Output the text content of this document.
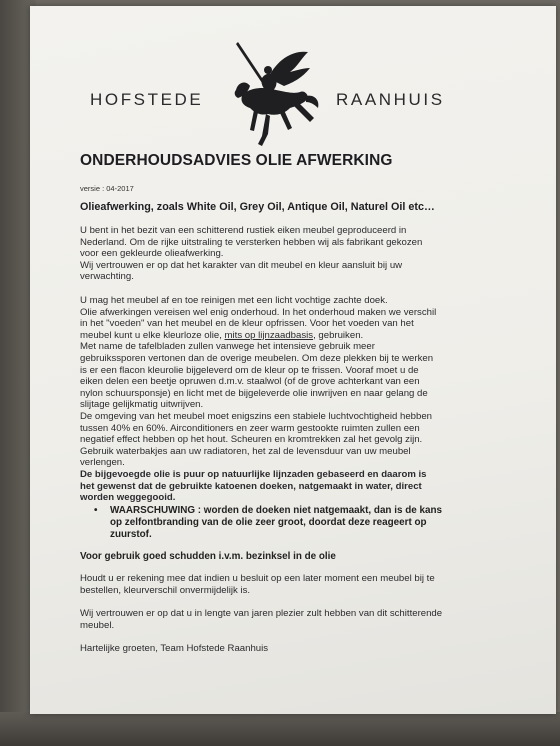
HOFSTEDE	RAANHUIS
ONDERHOUDSADVIES OLIE AFWERKING
versie : 04-2017
Olieafwerking, zoals White Oil, Grey Oil, Antique Oil, Naturel Oil etc…
U bent in het bezit van een schitterend rustiek eiken meubel geproduceerd in
Nederland. Om de rijke uitstraling te versterken hebben wij als fabrikant gekozen
voor een gekleurde olieafwerking.
Wij vertrouwen er op dat het karakter van dit meubel en kleur aansluit bij uw
verwachting.
U mag het meubel af en toe reinigen met een licht vochtige zachte doek.
Olie afwerkingen vereisen wel enig onderhoud. In het onderhoud maken we verschil
in het "voeden" van het meubel en de kleur opfrissen. Voor het voeden van het
meubel kunt u elke kleurloze olie, mits op lijnzaadbasis, gebruiken.
Met name de tafelbladen zullen vanwege het intensieve gebruik meer
gebruikssporen vertonen dan de overige meubelen. Om deze plekken bij te werken
is er een flacon kleurolie bijgeleverd om de kleur op te frissen. Vooraf moet u de
eiken delen een beetje opruwen d.m.v. staalwol (of de grove achterkant van een
nylon schuursponsje) en licht met de bijgeleverde olie inwrijven en naar gelang de
slijtage gelijkmatig uitwrijven.
De omgeving van het meubel moet enigszins een stabiele luchtvochtigheid hebben
tussen 40% en 60%. Airconditioners en zeer warm gestookte ruimten zullen een
negatief effect hebben op het hout. Scheuren en kromtrekken zal het gevolg zijn.
Gebruik waterbakjes aan uw radiatoren, het zal de levensduur van uw meubel
verlengen.
De bijgevoegde olie is puur op natuurlijke lijnzaden gebaseerd en daarom is
het gewenst dat de gebruikte katoenen doeken, natgemaakt in water, direct
worden weggegooid.
• WAARSCHUWING : worden de doeken niet natgemaakt, dan is de kans
op zelfontbranding van de olie zeer groot, doordat deze reageert op
zuurstof.
Voor gebruik goed schudden i.v.m. bezinksel in de olie
Houdt u er rekening mee dat indien u besluit op een later moment een meubel bij te
bestellen, kleurverschil onvermijdelijk is.
Wij vertrouwen er op dat u in lengte van jaren plezier zult hebben van dit schitterende
meubel.
Hartelijke groeten, Team Hofstede Raanhuis
